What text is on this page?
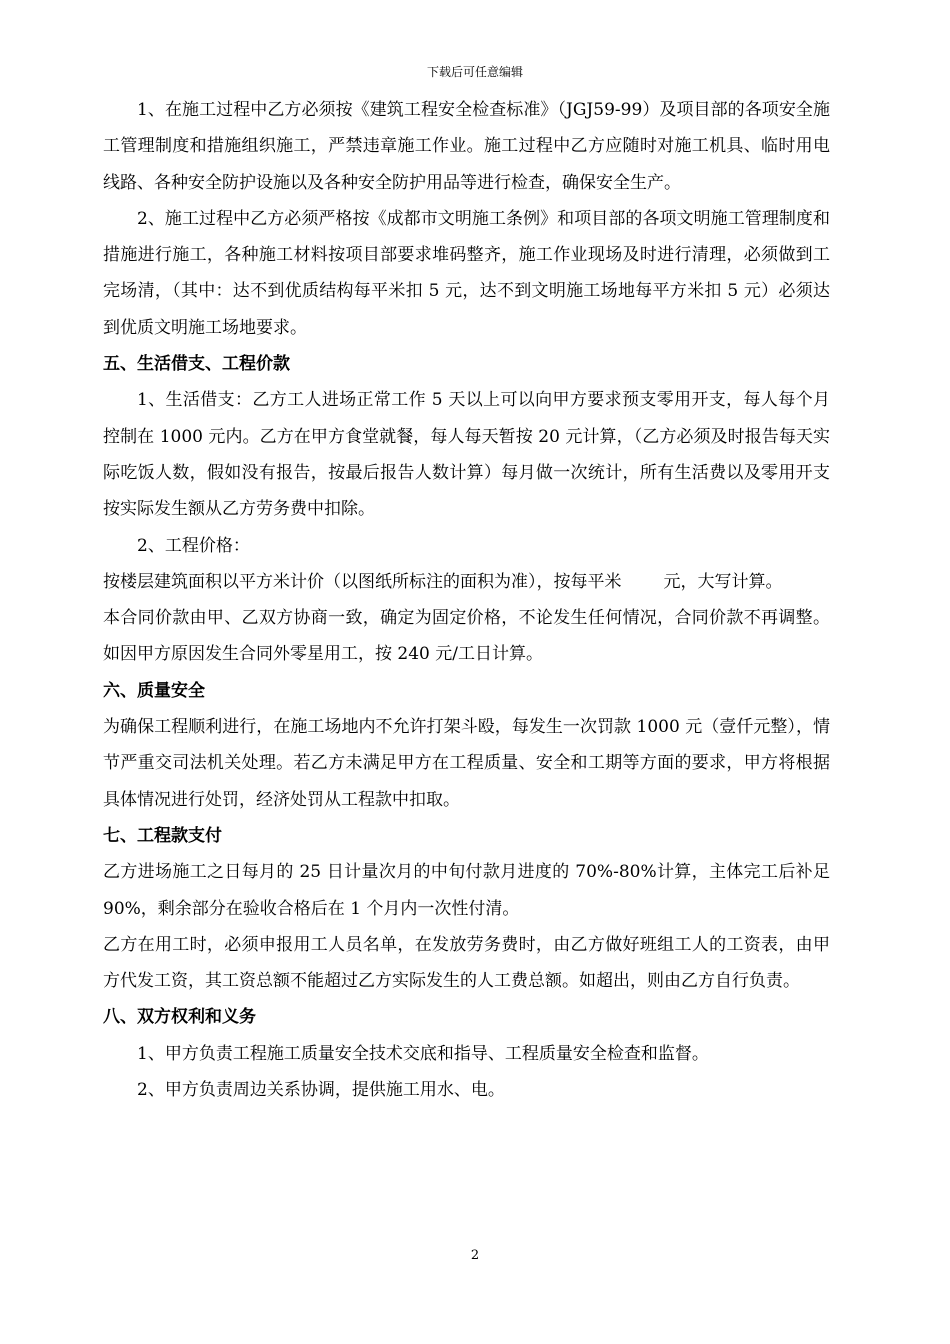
下载后可任意编辑

1、在施工过程中乙方必须按《建筑工程安全检查标准》（JGJ59-99）及项目部的各项安全施工管理制度和措施组织施工，严禁违章施工作业。施工过程中乙方应随时对施工机具、临时用电线路、各种安全防护设施以及各种安全防护用品等进行检查，确保安全生产。

2、施工过程中乙方必须严格按《成都市文明施工条例》和项目部的各项文明施工管理制度和措施进行施工，各种施工材料按项目部要求堆码整齐，施工作业现场及时进行清理，必须做到工完场清，（其中：达不到优质结构每平米扣 5 元，达不到文明施工场地每平方米扣 5 元）必须达到优质文明施工场地要求。

五、生活借支、工程价款

1、生活借支：乙方工人进场正常工作 5 天以上可以向甲方要求预支零用开支，每人每个月控制在 1000 元内。乙方在甲方食堂就餐，每人每天暂按 20 元计算，（乙方必须及时报告每天实际吃饭人数，假如没有报告，按最后报告人数计算）每月做一次统计，所有生活费以及零用开支按实际发生额从乙方劳务费中扣除。

2、工程价格：

按楼层建筑面积以平方米计价（以图纸所标注的面积为准），按每平米 元，大写计算。

本合同价款由甲、乙双方协商一致，确定为固定价格，不论发生任何情况，合同价款不再调整。如因甲方原因发生合同外零星用工，按 240 元/工日计算。

六、质量安全

为确保工程顺利进行，在施工场地内不允许打架斗殴，每发生一次罚款 1000 元（壹仟元整），情节严重交司法机关处理。若乙方未满足甲方在工程质量、安全和工期等方面的要求，甲方将根据具体情况进行处罚，经济处罚从工程款中扣取。

七、工程款支付

乙方进场施工之日每月的 25 日计量次月的中旬付款月进度的 70%-80%计算，主体完工后补足 90%，剩余部分在验收合格后在 1 个月内一次性付清。

乙方在用工时，必须申报用工人员名单，在发放劳务费时，由乙方做好班组工人的工资表，由甲方代发工资，其工资总额不能超过乙方实际发生的人工费总额。如超出，则由乙方自行负责。

八、双方权利和义务

1、甲方负责工程施工质量安全技术交底和指导、工程质量安全检查和监督。

2、甲方负责周边关系协调，提供施工用水、电。

2
